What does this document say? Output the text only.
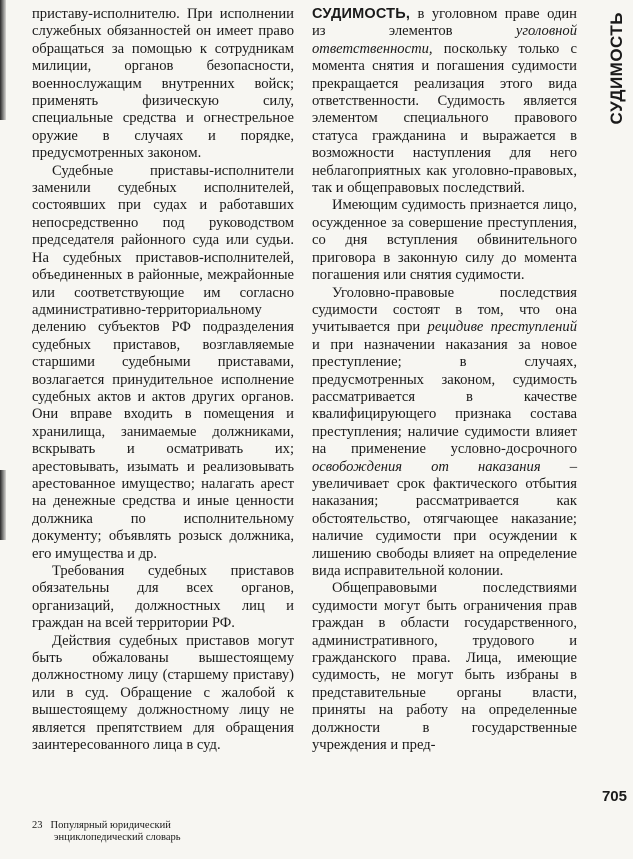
приставу-исполнителю. При исполнении служебных обязанностей он имеет право обращаться за помощью к сотрудникам милиции, органов безопасности, военнослужащим внутренних войск; применять физическую силу, специальные средства и огнестрельное оружие в случаях и порядке, предусмотренных законом.

Судебные приставы-исполнители заменили судебных исполнителей, состоявших при судах и работавших непосредственно под руководством председателя районного суда или судьи. На судебных приставов-исполнителей, объединенных в районные, межрайонные или соответствующие им согласно административно-территориальному делению субъектов РФ подразделения судебных приставов, возглавляемые старшими судебными приставами, возлагается принудительное исполнение судебных актов и актов других органов. Они вправе входить в помещения и хранилища, занимаемые должниками, вскрывать и осматривать их; арестовывать, изымать и реализовывать арестованное имущество; налагать арест на денежные средства и иные ценности должника по исполнительному документу; объявлять розыск должника, его имущества и др.

Требования судебных приставов обязательны для всех органов, организаций, должностных лиц и граждан на всей территории РФ.

Действия судебных приставов могут быть обжалованы вышестоящему должностному лицу (старшему приставу) или в суд. Обращение с жалобой к вышестоящему должностному лицу не является препятствием для обращения заинтересованного лица в суд.

СУДИМОСТЬ, в уголовном праве один из элементов уголовной ответственности, поскольку только с момента снятия и погашения судимости прекращается реализация этого вида ответственности. Судимость является элементом специального правового статуса гражданина и выражается в возможности наступления для него неблагоприятных как уголовно-правовых, так и общеправовых последствий.

Имеющим судимость признается лицо, осужденное за совершение преступления, со дня вступления обвинительного приговора в законную силу до момента погашения или снятия судимости.

Уголовно-правовые последствия судимости состоят в том, что она учитывается при рецидиве преступлений и при назначении наказания за новое преступление; в случаях, предусмотренных законом, судимость рассматривается в качестве квалифицирующего признака состава преступления; наличие судимости влияет на применение условно-досрочного освобождения от наказания – увеличивает срок фактического отбытия наказания; рассматривается как обстоятельство, отягчающее наказание; наличие судимости при осуждении к лишению свободы влияет на определение вида исправительной колонии.

Общеправовыми последствиями судимости могут быть ограничения прав граждан в области государственного, административного, трудового и гражданского права. Лица, имеющие судимость, не могут быть избраны в представительные органы власти, приняты на работу на определенные должности в государственные учреждения и пред-

СУДИМОСТЬ
705
23 Популярный юридический
энциклопедический словарь
